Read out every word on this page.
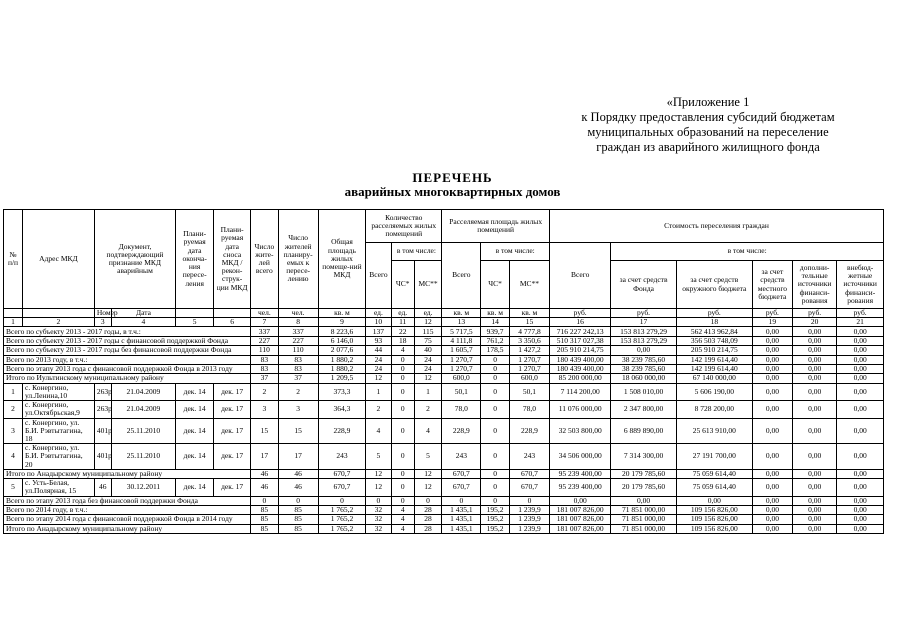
«Приложение 1
к Порядку предоставления субсидий бюджетам
муниципальных образований на переселение
граждан из аварийного жилищного фонда
ПЕРЕЧЕНЬ
аварийных многоквартирных домов
№ п/п	Адрес МКД	Документ, подтверждающий признание МКД аварийным		Плани-руемая дата оконча-ния пересе-ления	Плани-руемая дата сноса МКД / рекон-струк-ции МКД	Число жите-лей всего	Число жителей планиру-емых к пересе-лению	Общая площадь жилых помеще-ний МКД	Количество расселяемых жилых помещений			Расселяемая площадь жилых помещений			Стоимость переселения граждан					
									Всего	в том числе:		Всего	в том числе:		Всего	в том числе:				
										ЧС*	МС**		ЧС*	МС**		за счет средств Фонда	за счет средств окружного бюджета	за счет средств местного бюджета	дополни-тельные источники финанси-рования	внебюд-жетные источники финанси-рования
		Номер	Дата			чел.	чел.	кв. м	ед.	ед.	ед.	кв. м	кв. м	кв. м	руб.	руб.	руб.	руб.	руб.	руб.
1	2	3	4	5	6	7	8	9	10	11	12	13	14	15	16	17	18	19	20	21
Всего по субъекту 2013 - 2017 годы, в т.ч.:						337	337	8 223,6	137	22	115	5 717,5	939,7	4 777,8	716 227 242,13	153 813 279,29	562 413 962,84	0,00	0,00	0,00
Всего по субъекту 2013 - 2017 годы с финансовой поддержкой Фонда						227	227	6 146,0	93	18	75	4 111,8	761,2	3 350,6	510 317 027,38	153 813 279,29	356 503 748,09	0,00	0,00	0,00
Всего по субъекту 2013 - 2017 годы без финансовой поддержки Фонда						110	110	2 077,6	44	4	40	1 605,7	178,5	1 427,2	205 910 214,75	0,00	205 910 214,75	0,00	0,00	0,00
Всего по 2013 году, в т.ч.:						83	83	1 880,2	24	0	24	1 270,7	0	1 270,7	180 439 400,00	38 239 785,60	142 199 614,40	0,00	0,00	0,00
Всего по этапу 2013 года с финансовой поддержкой Фонда в 2013 году						83	83	1 880,2	24	0	24	1 270,7	0	1 270,7	180 439 400,00	38 239 785,60	142 199 614,40	0,00	0,00	0,00
Итого по Иультинскому муниципальному району						37	37	1 209,5	12	0	12	600,0	0	600,0	85 200 000,00	18 060 000,00	67 140 000,00	0,00	0,00	0,00
1	с. Конергино, ул.Ленина,10	263р	21.04.2009	дек. 14	дек. 17	2	2	373,3	1	0	1	50,1	0	50,1	7 114 200,00	1 508 010,00	5 606 190,00	0,00	0,00	0,00
2	с. Конергино, ул.Октябрьская,9	263р	21.04.2009	дек. 14	дек. 17	3	3	364,3	2	0	2	78,0	0	78,0	11 076 000,00	2 347 800,00	8 728 200,00	0,00	0,00	0,00
3	с. Конергино, ул. Б.И. Рэвтытагина, 18	401р	25.11.2010	дек. 14	дек. 17	15	15	228,9	4	0	4	228,9	0	228,9	32 503 800,00	6 889 890,00	25 613 910,00	0,00	0,00	0,00
4	с. Конергино, ул. Б.И. Рэвтытагина, 20	401р	25.11.2010	дек. 14	дек. 17	17	17	243	5	0	5	243	0	243	34 506 000,00	7 314 300,00	27 191 700,00	0,00	0,00	0,00
Итого по Анадырскому муниципальному району						46	46	670,7	12	0	12	670,7	0	670,7	95 239 400,00	20 179 785,60	75 059 614,40	0,00	0,00	0,00
5	с. Усть-Белая, ул.Полярная, 15	46	30.12.2011	дек. 14	дек. 17	46	46	670,7	12	0	12	670,7	0	670,7	95 239 400,00	20 179 785,60	75 059 614,40	0,00	0,00	0,00
Всего по этапу 2013 года без финансовой поддержки Фонда						0	0	0	0	0	0	0	0	0	0,00	0,00	0,00	0,00	0,00	0,00
Всего по 2014 году, в т.ч.:						85	85	1 765,2	32	4	28	1 435,1	195,2	1 239,9	181 007 826,00	71 851 000,00	109 156 826,00	0,00	0,00	0,00
Всего по этапу 2014 года с финансовой поддержкой Фонда в 2014 году						85	85	1 765,2	32	4	28	1 435,1	195,2	1 239,9	181 007 826,00	71 851 000,00	109 156 826,00	0,00	0,00	0,00
Итого по Анадырскому муниципальному району						85	85	1 765,2	32	4	28	1 435,1	195,2	1 239,9	181 007 826,00	71 851 000,00	109 156 826,00	0,00	0,00	0,00
